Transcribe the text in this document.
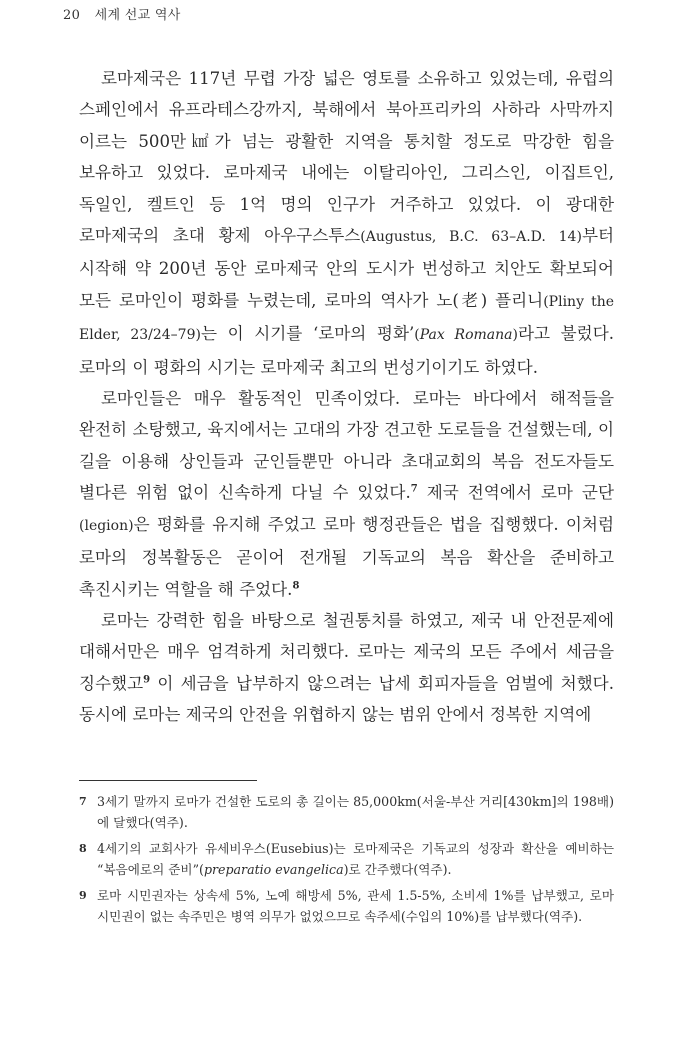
20 세계 선교 역사

로마제국은 117년 무렵 가장 넓은 영토를 소유하고 있었는데, 유럽의 스페인에서 유프라테스강까지, 북해에서 북아프리카의 사하라 사막까지 이르는 500만㎢가 넘는 광활한 지역을 통치할 정도로 막강한 힘을 보유하고 있었다. 로마제국 내에는 이탈리아인, 그리스인, 이집트인, 독일인, 켈트인 등 1억 명의 인구가 거주하고 있었다. 이 광대한 로마제국의 초대 황제 아우구스투스(Augustus, B.C. 63–A.D. 14)부터 시작해 약 200년 동안 로마제국 안의 도시가 번성하고 치안도 확보되어 모든 로마인이 평화를 누렸는데, 로마의 역사가 노(老) 플리니(Pliny the Elder, 23/24–79)는 이 시기를 ‘로마의 평화’(Pax Romana)라고 불렀다. 로마의 이 평화의 시기는 로마제국 최고의 번성기이기도 하였다.

로마인들은 매우 활동적인 민족이었다. 로마는 바다에서 해적들을 완전히 소탕했고, 육지에서는 고대의 가장 견고한 도로들을 건설했는데, 이 길을 이용해 상인들과 군인들뿐만 아니라 초대교회의 복음 전도자들도 별다른 위험 없이 신속하게 다닐 수 있었다.$^7$ 제국 전역에서 로마 군단(legion)은 평화를 유지해 주었고 로마 행정관들은 법을 집행했다. 이처럼 로마의 정복활동은 곧이어 전개될 기독교의 복음 확산을 준비하고 촉진시키는 역할을 해 주었다.$^8$

로마는 강력한 힘을 바탕으로 철권통치를 하였고, 제국 내 안전문제에 대해서만은 매우 엄격하게 처리했다. 로마는 제국의 모든 주에서 세금을 징수했고$^9$ 이 세금을 납부하지 않으려는 납세 회피자들을 엄벌에 처했다. 동시에 로마는 제국의 안전을 위협하지 않는 범위 안에서 정복한 지역에

7 3세기 말까지 로마가 건설한 도로의 총 길이는 85,000km(서울-부산 거리[430km]의 198배)에 달했다(역주).
8 4세기의 교회사가 유세비우스(Eusebius)는 로마제국은 기독교의 성장과 확산을 예비하는 “복음에로의 준비”(preparatio evangelica)로 간주했다(역주).
9 로마 시민권자는 상속세 5%, 노예 해방세 5%, 관세 1.5-5%, 소비세 1%를 납부했고, 로마 시민권이 없는 속주민은 병역 의무가 없었으므로 속주세(수입의 10%)를 납부했다(역주).
